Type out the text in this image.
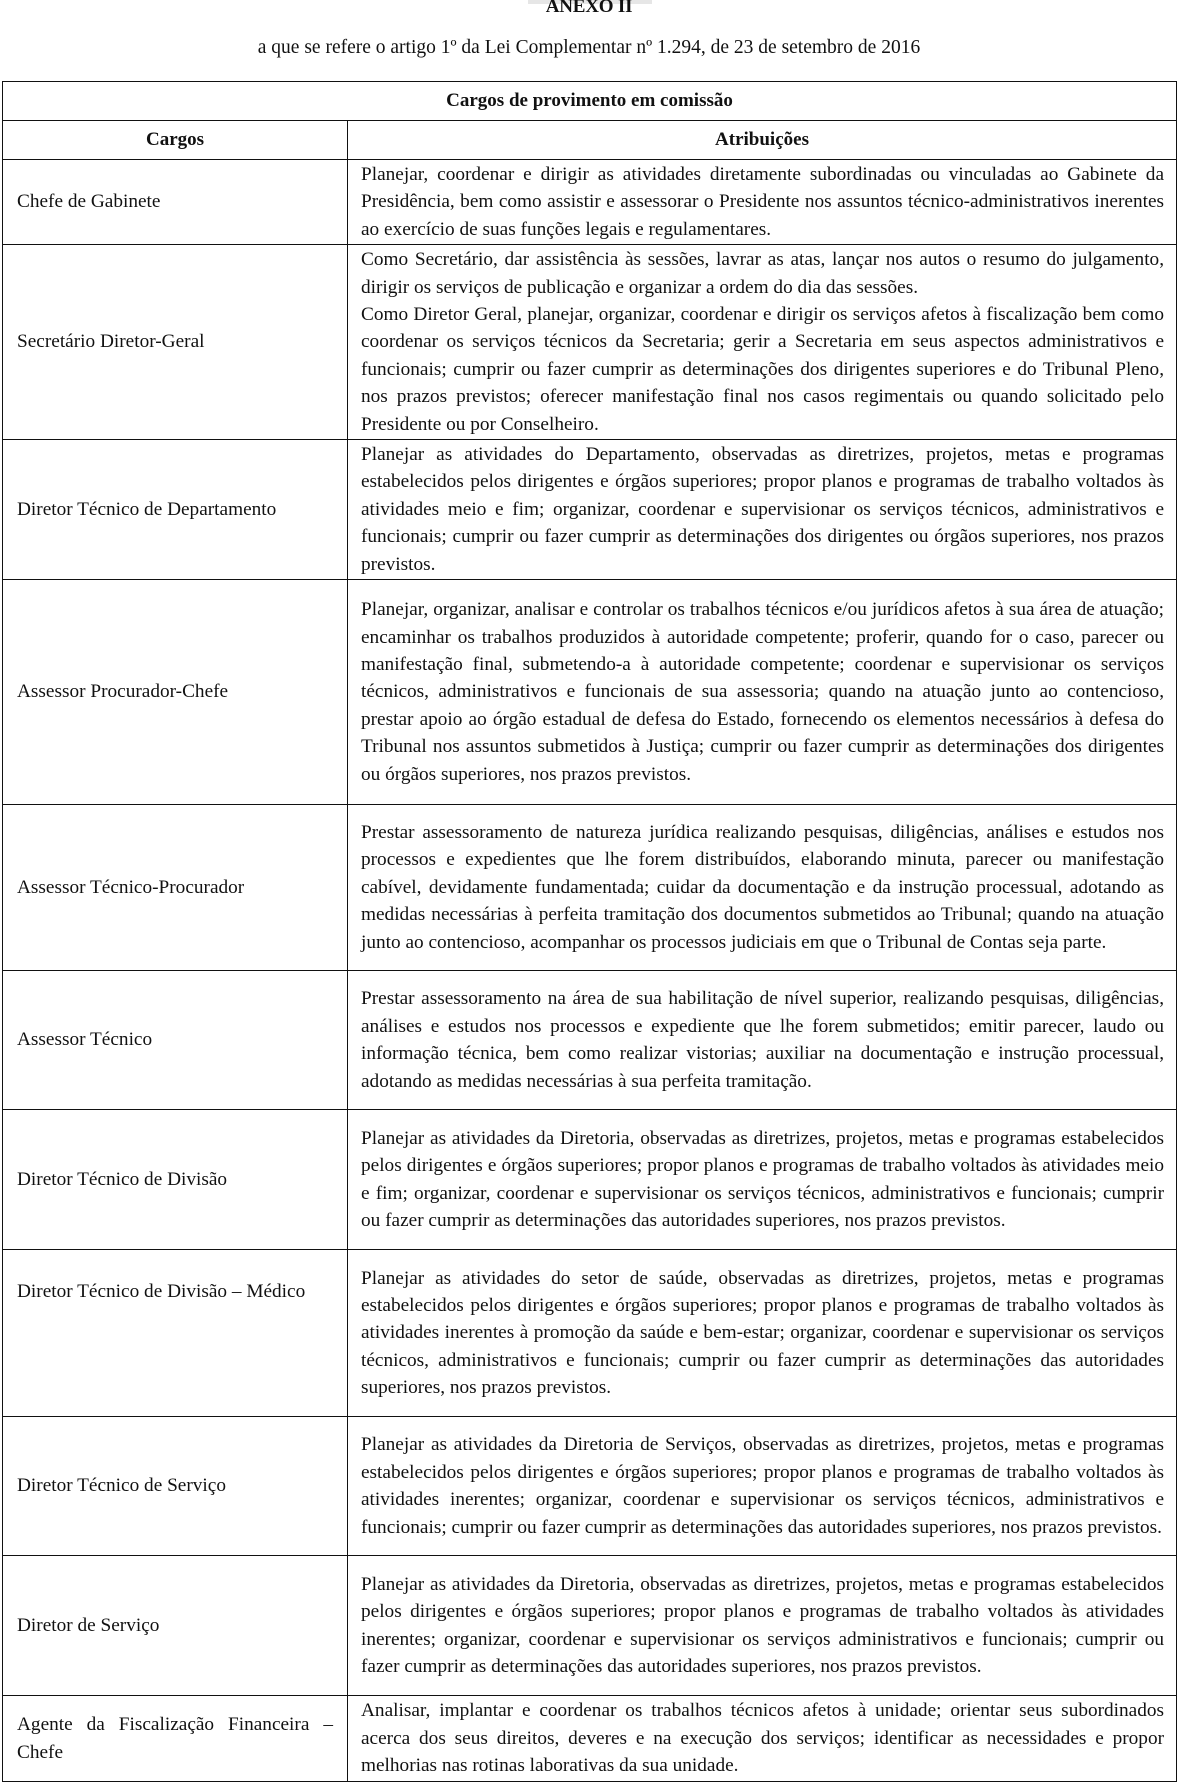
ANEXO II
a que se refere o artigo 1º da Lei Complementar nº 1.294, de 23 de setembro de 2016
Cargos de provimento em comissão	
Cargos	Atribuições
Chefe de Gabinete	Planejar, coordenar e dirigir as atividades diretamente subordinadas ou vinculadas ao Gabinete da Presidência, bem como assistir e assessorar o Presidente nos assuntos técnico-administrativos inerentes ao exercício de suas funções legais e regulamentares.

Secretário Diretor-Geral	Como Secretário, dar assistência às sessões, lavrar as atas, lançar nos autos o resumo do julgamento, dirigir os serviços de publicação e organizar a ordem do dia das sessões.

Como Diretor Geral, planejar, organizar, coordenar e dirigir os serviços afetos à fiscalização bem como coordenar os serviços técnicos da Secretaria; gerir a Secretaria em seus aspectos administrativos e funcionais; cumprir ou fazer cumprir as determinações dos dirigentes superiores e do Tribunal Pleno, nos prazos previstos; oferecer manifestação final nos casos regimentais ou quando solicitado pelo Presidente ou por Conselheiro.

Diretor Técnico de Departamento	Planejar as atividades do Departamento, observadas as diretrizes, projetos, metas e programas estabelecidos pelos dirigentes e órgãos superiores; propor planos e programas de trabalho voltados às atividades meio e fim; organizar, coordenar e supervisionar os serviços técnicos, administrativos e funcionais; cumprir ou fazer cumprir as determinações dos dirigentes ou órgãos superiores, nos prazos previstos.

Assessor Procurador-Chefe	Planejar, organizar, analisar e controlar os trabalhos técnicos e/ou jurídicos afetos à sua área de atuação; encaminhar os trabalhos produzidos à autoridade competente; proferir, quando for o caso, parecer ou manifestação final, submetendo-a à autoridade competente; coordenar e supervisionar os serviços técnicos, administrativos e funcionais de sua assessoria; quando na atuação junto ao contencioso, prestar apoio ao órgão estadual de defesa do Estado, fornecendo os elementos necessários à defesa do Tribunal nos assuntos submetidos à Justiça; cumprir ou fazer cumprir as determinações dos dirigentes ou órgãos superiores, nos prazos previstos.

Assessor Técnico-Procurador	Prestar assessoramento de natureza jurídica realizando pesquisas, diligências, análises e estudos nos processos e expedientes que lhe forem distribuídos, elaborando minuta, parecer ou manifestação cabível, devidamente fundamentada; cuidar da documentação e da instrução processual, adotando as medidas necessárias à perfeita tramitação dos documentos submetidos ao Tribunal; quando na atuação junto ao contencioso, acompanhar os processos judiciais em que o Tribunal de Contas seja parte.

Assessor Técnico	Prestar assessoramento na área de sua habilitação de nível superior, realizando pesquisas, diligências, análises e estudos nos processos e expediente que lhe forem submetidos; emitir parecer, laudo ou informação técnica, bem como realizar vistorias; auxiliar na documentação e instrução processual, adotando as medidas necessárias à sua perfeita tramitação.

Diretor Técnico de Divisão	Planejar as atividades da Diretoria, observadas as diretrizes, projetos, metas e programas estabelecidos pelos dirigentes e órgãos superiores; propor planos e programas de trabalho voltados às atividades meio e fim; organizar, coordenar e supervisionar os serviços técnicos, administrativos e funcionais; cumprir ou fazer cumprir as determinações das autoridades superiores, nos prazos previstos.

Diretor Técnico de Divisão – Médico	Planejar as atividades do setor de saúde, observadas as diretrizes, projetos, metas e programas estabelecidos pelos dirigentes e órgãos superiores; propor planos e programas de trabalho voltados às atividades inerentes à promoção da saúde e bem-estar; organizar, coordenar e supervisionar os serviços técnicos, administrativos e funcionais; cumprir ou fazer cumprir as determinações das autoridades superiores, nos prazos previstos.

Diretor Técnico de Serviço	Planejar as atividades da Diretoria de Serviços, observadas as diretrizes, projetos, metas e programas estabelecidos pelos dirigentes e órgãos superiores; propor planos e programas de trabalho voltados às atividades inerentes; organizar, coordenar e supervisionar os serviços técnicos, administrativos e funcionais; cumprir ou fazer cumprir as determinações das autoridades superiores, nos prazos previstos.

Diretor de Serviço	Planejar as atividades da Diretoria, observadas as diretrizes, projetos, metas e programas estabelecidos pelos dirigentes e órgãos superiores; propor planos e programas de trabalho voltados às atividades inerentes; organizar, coordenar e supervisionar os serviços administrativos e funcionais; cumprir ou fazer cumprir as determinações das autoridades superiores, nos prazos previstos.

Agente da Fiscalização Financeira – Chefe	Analisar, implantar e coordenar os trabalhos técnicos afetos à unidade; orientar seus subordinados acerca dos seus direitos, deveres e na execução dos serviços; identificar as necessidades e propor melhorias nas rotinas laborativas da sua unidade.
